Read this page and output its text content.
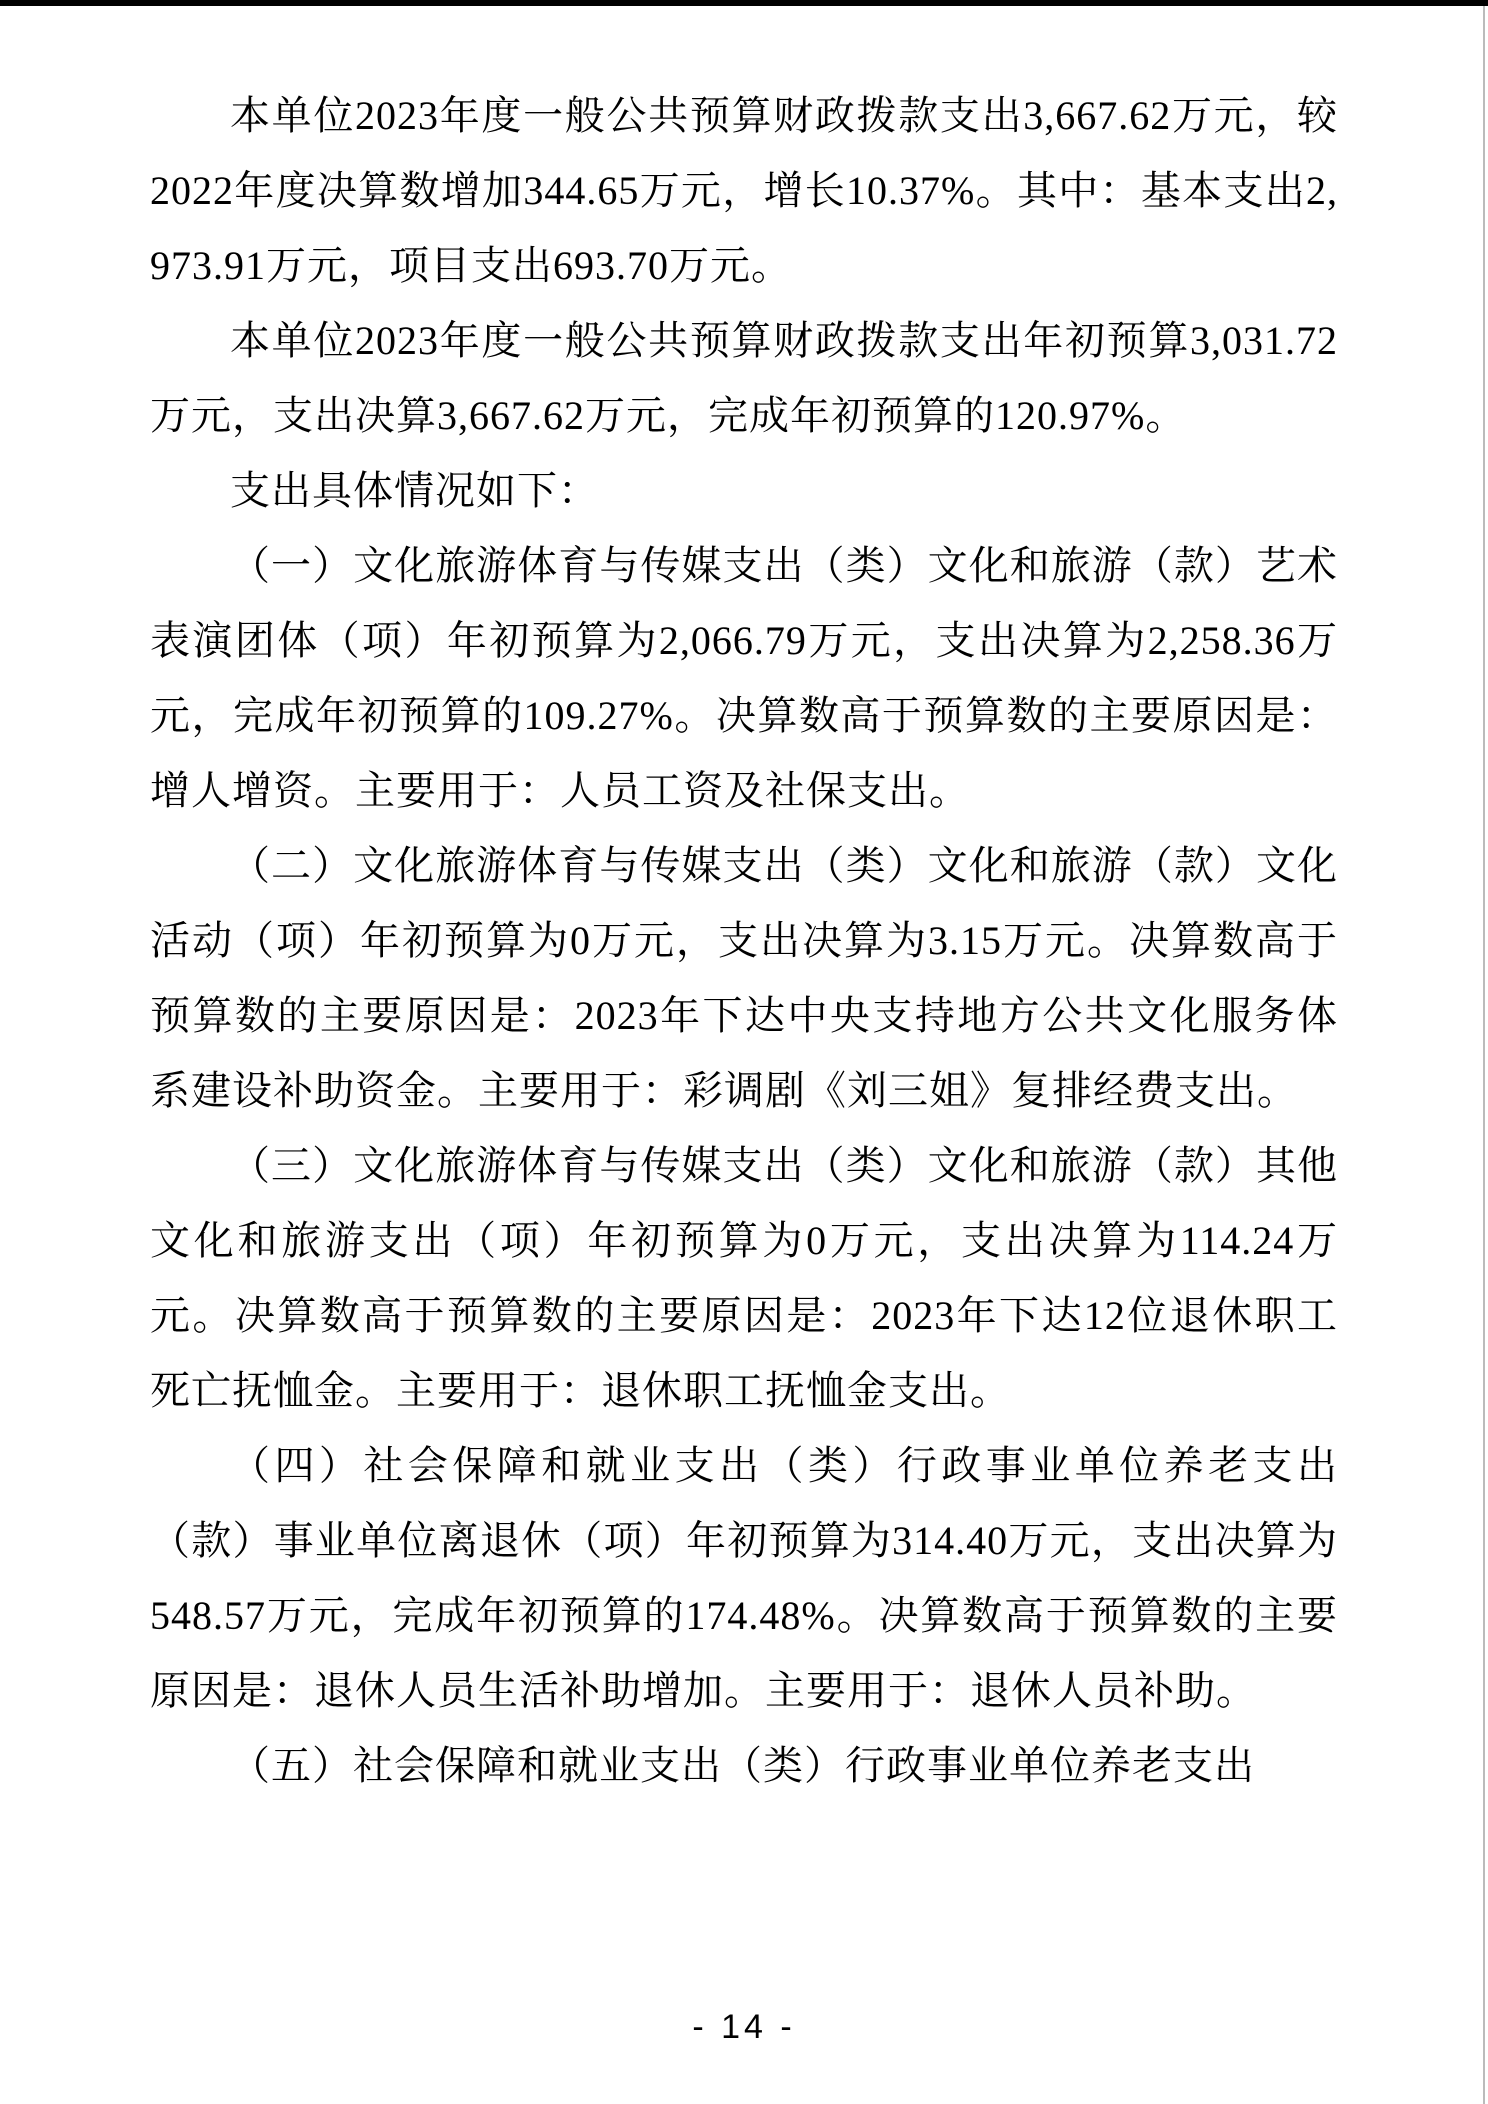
本单位2023年度一般公共预算财政拨款支出3,667.62万元，较2022年度决算数增加344.65万元，增长10.37%。其中：基本支出2,973.91万元，项目支出693.70万元。

本单位2023年度一般公共预算财政拨款支出年初预算3,031.72万元，支出决算3,667.62万元，完成年初预算的120.97%。

支出具体情况如下：

（一）文化旅游体育与传媒支出（类）文化和旅游（款）艺术表演团体（项）年初预算为2,066.79万元，支出决算为2,258.36万元，完成年初预算的109.27%。决算数高于预算数的主要原因是：增人增资。主要用于：人员工资及社保支出。

（二）文化旅游体育与传媒支出（类）文化和旅游（款）文化活动（项）年初预算为0万元，支出决算为3.15万元。决算数高于预算数的主要原因是：2023年下达中央支持地方公共文化服务体系建设补助资金。主要用于：彩调剧《刘三姐》复排经费支出。

（三）文化旅游体育与传媒支出（类）文化和旅游（款）其他文化和旅游支出（项）年初预算为0万元，支出决算为114.24万元。决算数高于预算数的主要原因是：2023年下达12位退休职工死亡抚恤金。主要用于：退休职工抚恤金支出。

（四）社会保障和就业支出（类）行政事业单位养老支出（款）事业单位离退休（项）年初预算为314.40万元，支出决算为548.57万元，完成年初预算的174.48%。决算数高于预算数的主要原因是：退休人员生活补助增加。主要用于：退休人员补助。

（五）社会保障和就业支出（类）行政事业单位养老支出

- 14 -
